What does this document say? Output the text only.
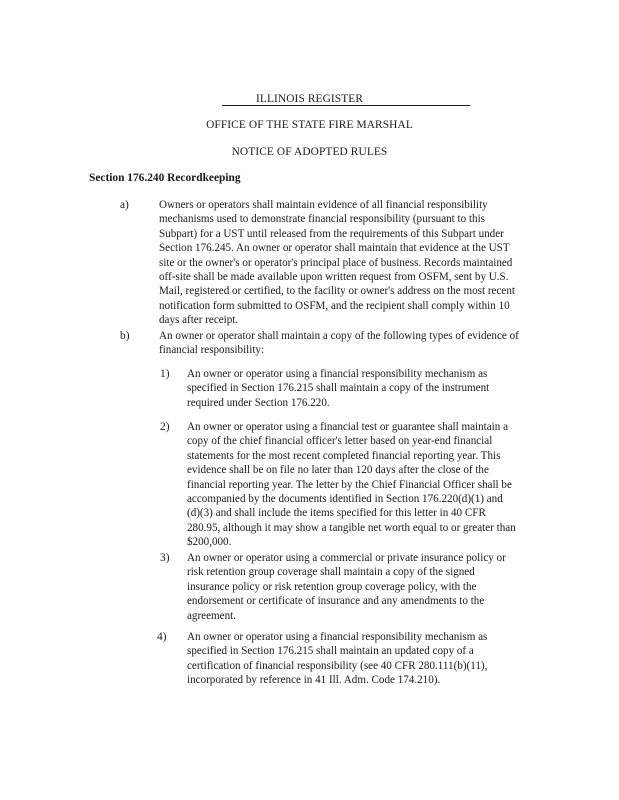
ILLINOIS REGISTER
OFFICE OF THE STATE FIRE MARSHAL
NOTICE OF ADOPTED RULES
Section 176.240 Recordkeeping
a)	Owners or operators shall maintain evidence of all financial responsibility
mechanisms used to demonstrate financial responsibility (pursuant to this
Subpart) for a UST until released from the requirements of this Subpart under
Section 176.245. An owner or operator shall maintain that evidence at the UST
site or the owner's or operator's principal place of business. Records maintained
off-site shall be made available upon written request from OSFM, sent by U.S.
Mail, registered or certified, to the facility or owner's address on the most recent
notification form submitted to OSFM, and the recipient shall comply within 10
days after receipt.
b)	An owner or operator shall maintain a copy of the following types of evidence of
financial responsibility:
1) An owner or operator using a financial responsibility mechanism as
specified in Section 176.215 shall maintain a copy of the instrument
required under Section 176.220.
2) An owner or operator using a financial test or guarantee shall maintain a
copy of the chief financial officer's letter based on year-end financial
statements for the most recent completed financial reporting year. This
evidence shall be on file no later than 120 days after the close of the
financial reporting year. The letter by the Chief Financial Officer shall be
accompanied by the documents identified in Section 176.220(d)(1) and
(d)(3) and shall include the items specified for this letter in 40 CFR
280.95, although it may show a tangible net worth equal to or greater than
$200,000.
3) An owner or operator using a commercial or private insurance policy or
risk retention group coverage shall maintain a copy of the signed
insurance policy or risk retention group coverage policy, with the
endorsement or certificate of insurance and any amendments to the
agreement.
4) An owner or operator using a financial responsibility mechanism as
specified in Section 176.215 shall maintain an updated copy of a
certification of financial responsibility (see 40 CFR 280.111(b)(11),
incorporated by reference in 41 Ill. Adm. Code 174.210).
